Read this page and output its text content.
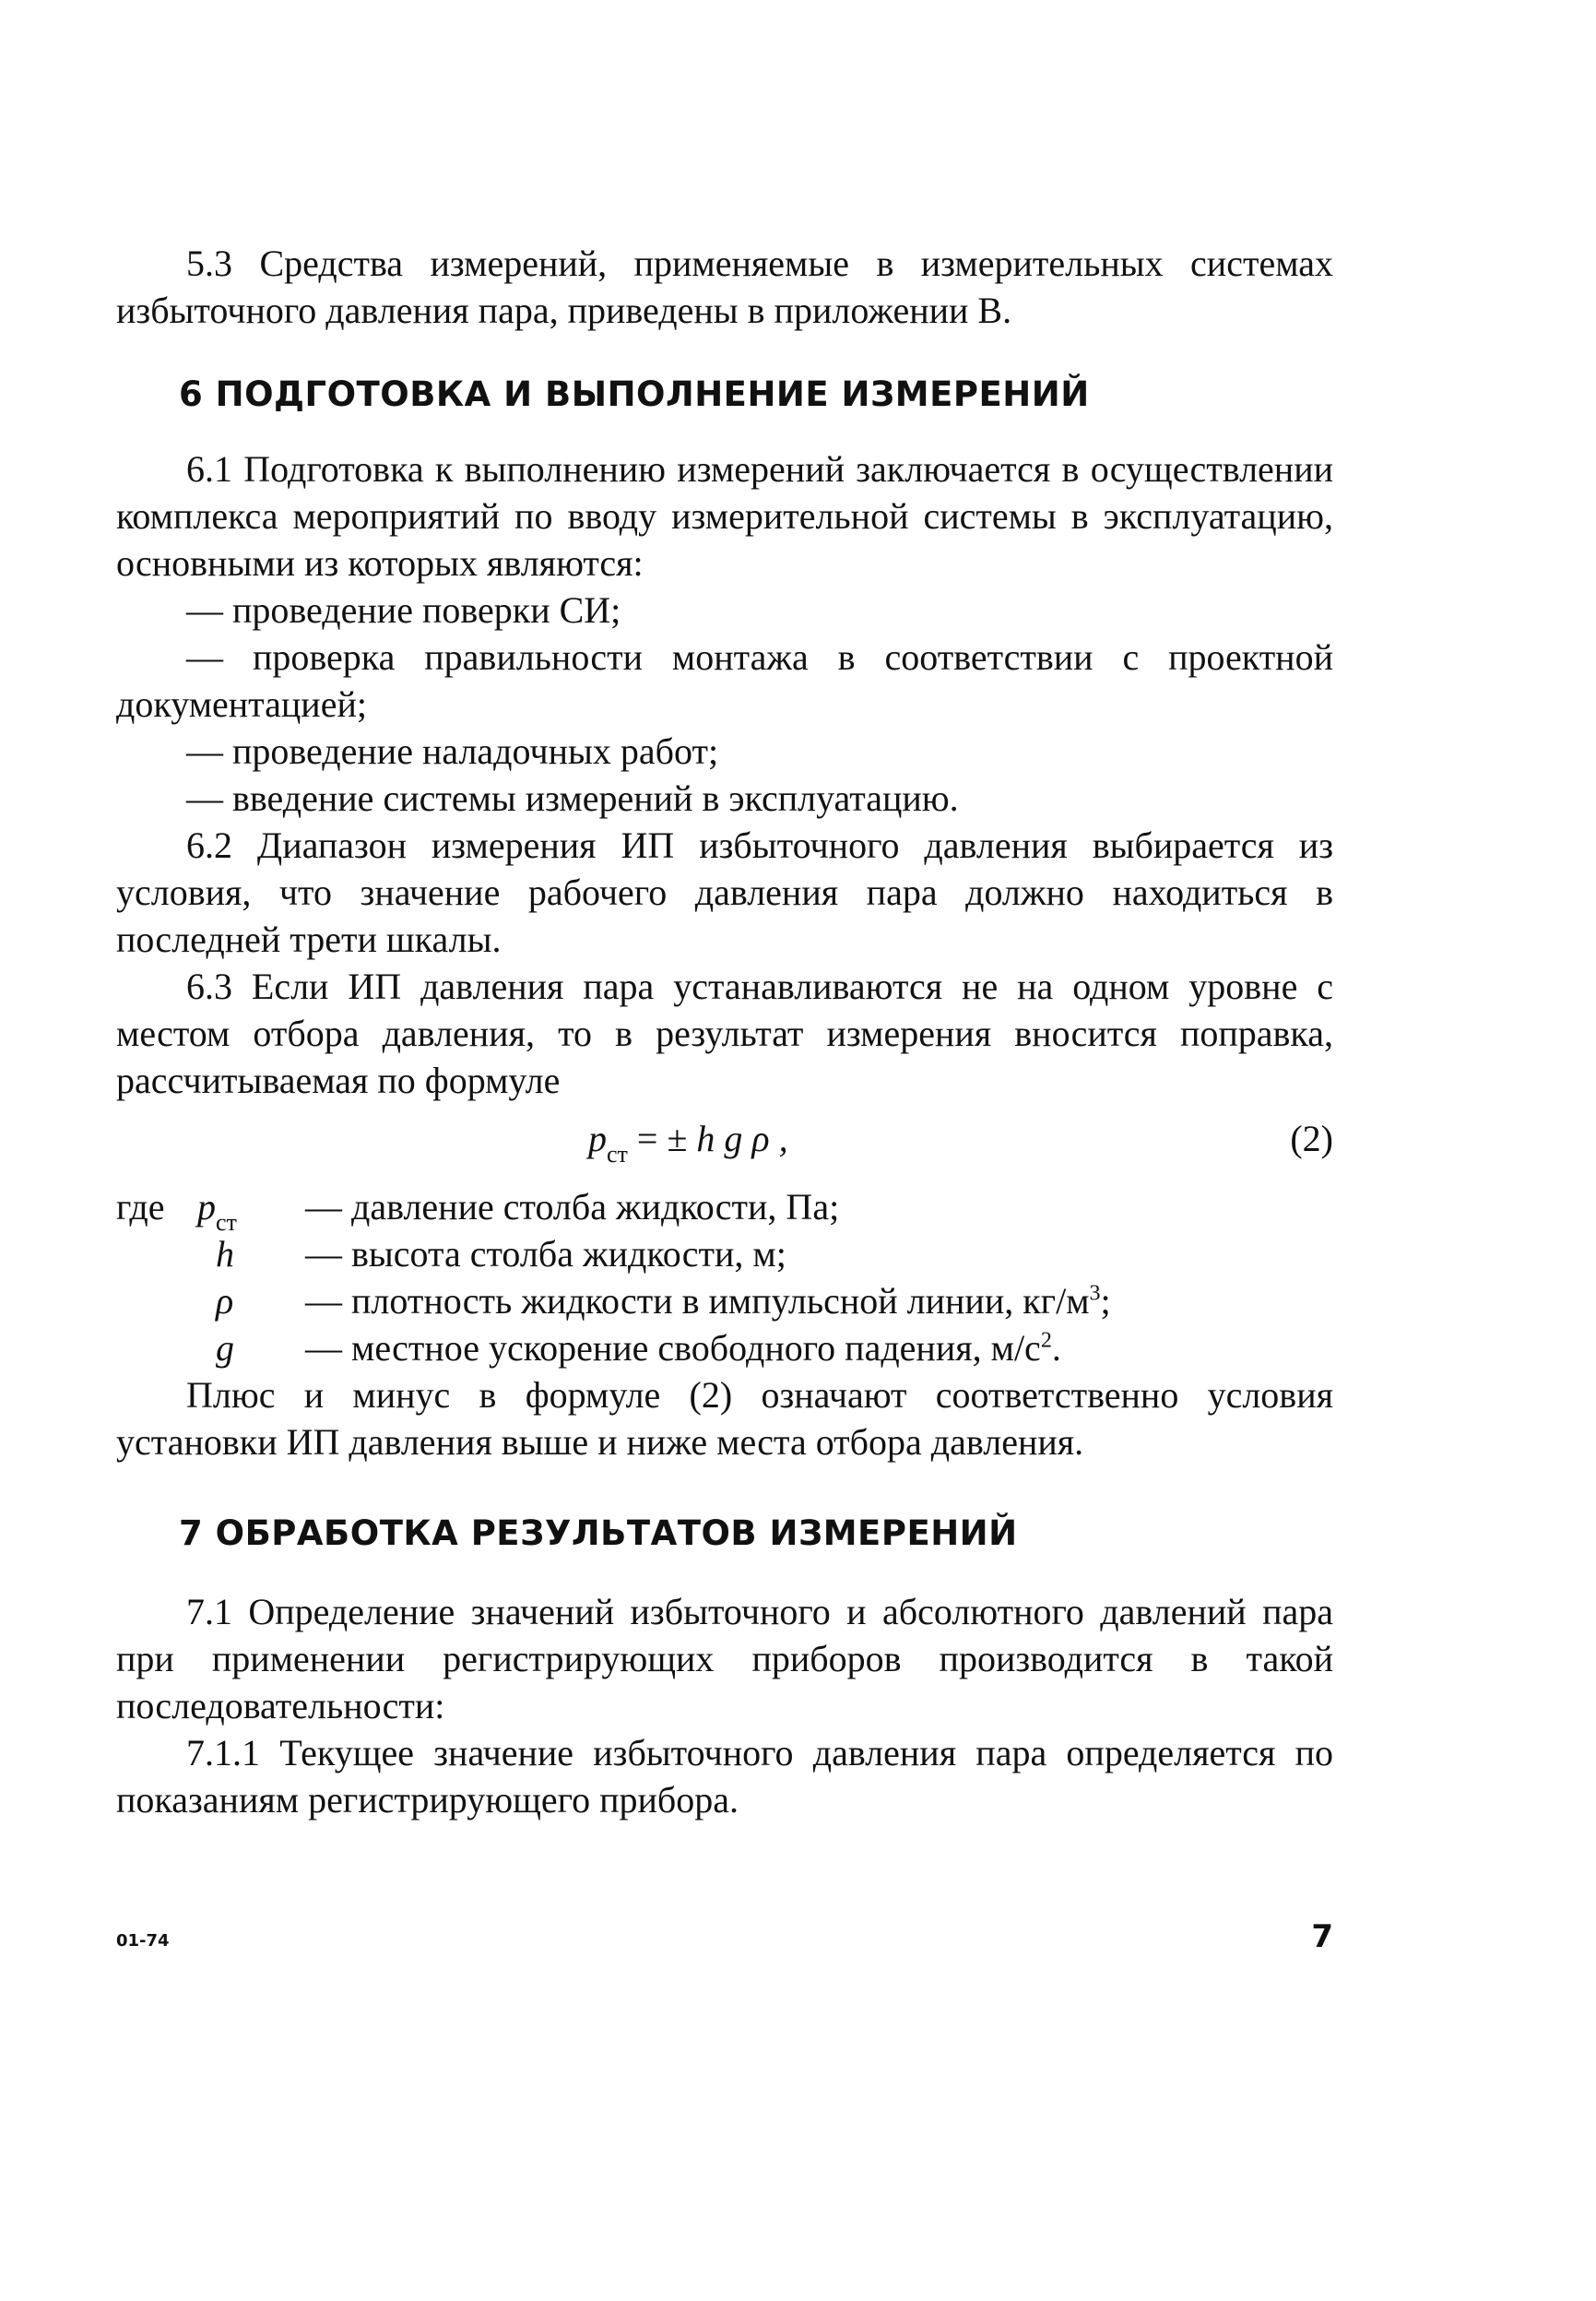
5.3 Средства измерений, применяемые в измерительных системах избыточного давления пара, приведены в приложении В.

6 ПОДГОТОВКА И ВЫПОЛНЕНИЕ ИЗМЕРЕНИЙ

6.1 Подготовка к выполнению измерений заключается в осуществлении комплекса мероприятий по вводу измерительной системы в эксплуатацию, основными из которых являются:

— проведение поверки СИ;

— проверка правильности монтажа в соответствии с проектной документацией;

— проведение наладочных работ;

— введение системы измерений в эксплуатацию.

6.2 Диапазон измерения ИП избыточного давления выбирается из условия, что значение рабочего давления пара должно находиться в последней трети шкалы.

6.3 Если ИП давления пара устанавливаются не на одном уровне с местом отбора давления, то в результат измерения вносится поправка, рассчитываемая по формуле

$p_{ст}$ = ± h g ρ ,	(2)
где $p_{ст}$ — давление столба жидкости, Па;
h — высота столба жидкости, м;
ρ — плотность жидкости в импульсной линии, $кг/м^3$;
g — местное ускорение свободного падения, $м/с^2$.

Плюс и минус в формуле (2) означают соответственно условия установки ИП давления выше и ниже места отбора давления.

7 ОБРАБОТКА РЕЗУЛЬТАТОВ ИЗМЕРЕНИЙ

7.1 Определение значений избыточного и абсолютного давлений пара при применении регистрирующих приборов производится в такой последовательности:

7.1.1 Текущее значение избыточного давления пара определяется по показаниям регистрирующего прибора.

01-74	7
